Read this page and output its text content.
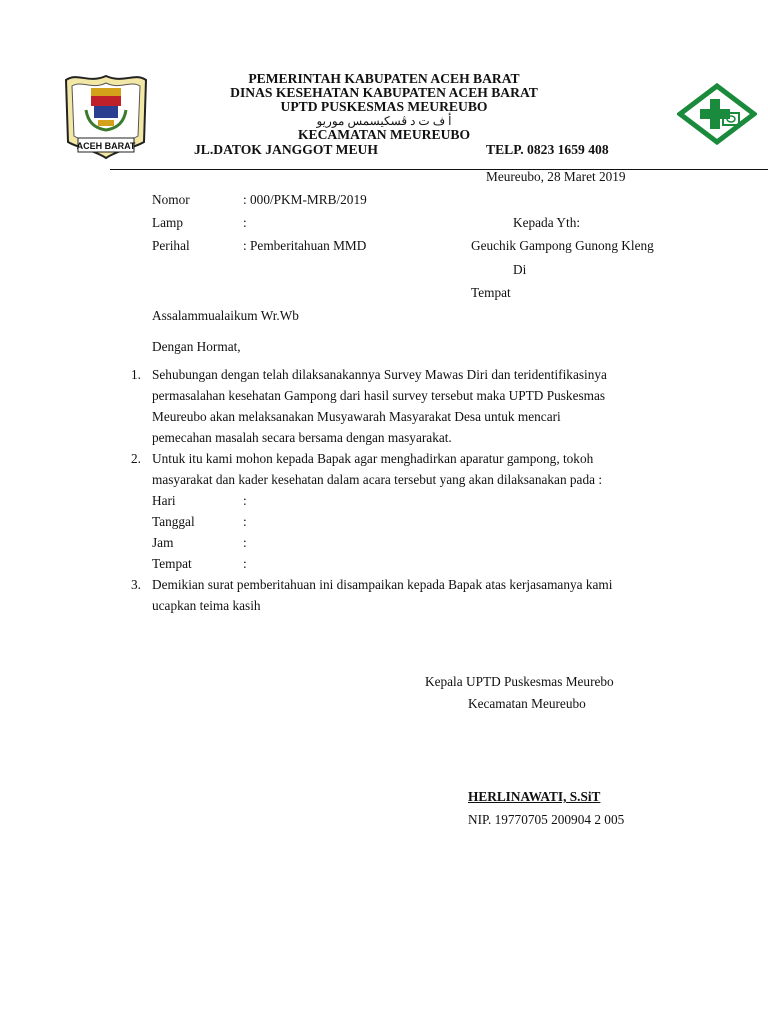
ACEH BARAT
PEMERINTAH KABUPATEN ACEH BARAT
DINAS KESEHATAN KABUPATEN ACEH BARAT
UPTD PUSKESMAS MEUREUBO
أ ف ت د ڤسكيسمس موريو
KECAMATAN MEUREUBO
JL.DATOK JANGGOT MEUH	TELP. 0823 1659 408
Meureubo, 28 Maret 2019
Nomor	: 000/PKM-MRB/2019
Lamp	:
Perihal	: Pemberitahuan MMD
Kepada Yth:
Geuchik Gampong Gunong Kleng
Di
Tempat
Assalammualaikum Wr.Wb
Dengan Hormat,
1. Sehubungan dengan telah dilaksanakannya Survey Mawas Diri dan teridentifikasinya
permasalahan kesehatan Gampong dari hasil survey tersebut maka UPTD Puskesmas
Meureubo akan melaksanakan Musyawarah Masyarakat Desa untuk mencari
pemecahan masalah secara bersama dengan masyarakat.
2. Untuk itu kami mohon kepada Bapak agar menghadirkan aparatur gampong, tokoh
masyarakat dan kader kesehatan dalam acara tersebut yang akan dilaksanakan pada :
Hari	:
Tanggal	:
Jam	:
Tempat	:
3. Demikian surat pemberitahuan ini disampaikan kepada Bapak atas kerjasamanya kami
ucapkan teima kasih
Kepala UPTD Puskesmas Meurebo
Kecamatan Meureubo
HERLINAWATI, S.SiT
NIP. 19770705 200904 2 005
